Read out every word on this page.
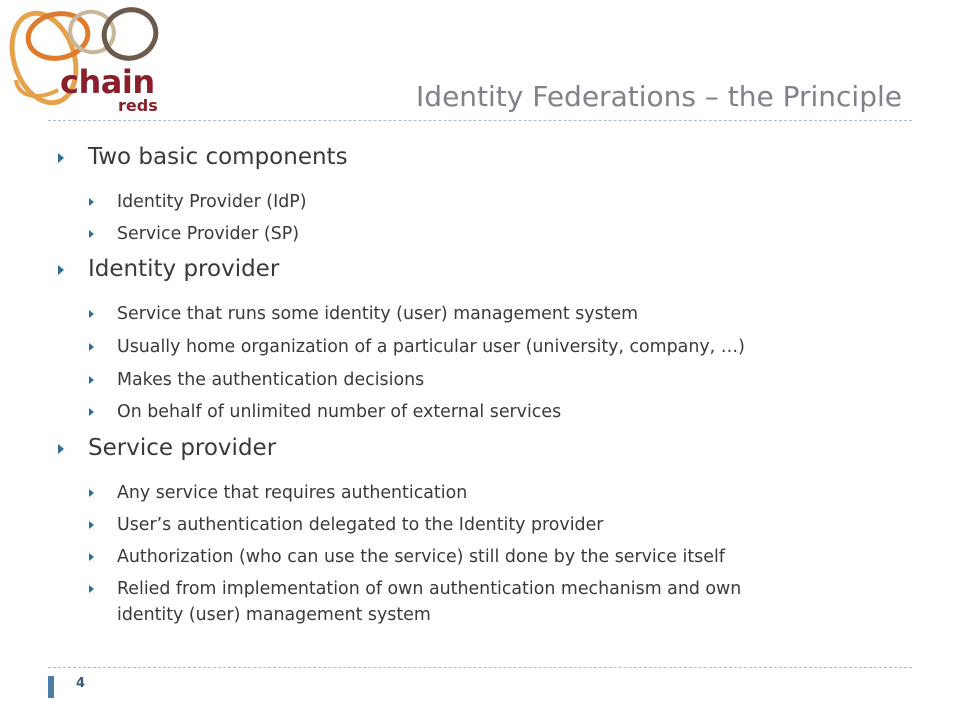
chain
reds	Identity Federations – the Principle
Two basic components
Identity Provider (IdP)
Service Provider (SP)
Identity provider
Service that runs some identity (user) management system
Usually home organization of a particular user (university, company, …)
Makes the authentication decisions
On behalf of unlimited number of external services
Service provider
Any service that requires authentication
User’s authentication delegated to the Identity provider
Authorization (who can use the service) still done by the service itself
Relied from implementation of own authentication mechanism and own
identity (user) management system
4
